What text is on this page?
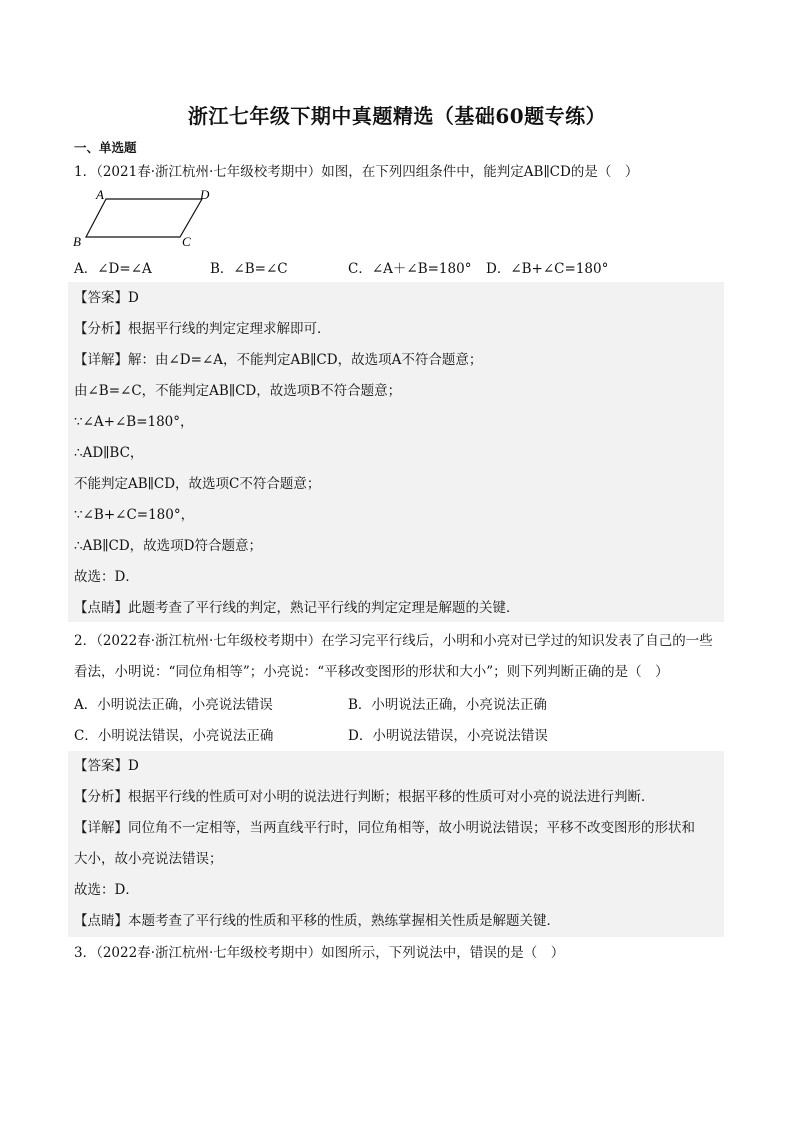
浙江七年级下期中真题精选（基础60题专练）
一、单选题
1．（2021春·浙江杭州·七年级校考期中）如图，在下列四组条件中，能判定AB∥CD的是（　）
A	D
B	C
A．∠D=∠A	B．∠B=∠C	C．∠A＋∠B=180° D．∠B+∠C=180°
【答案】D
【分析】根据平行线的判定定理求解即可．
【详解】解：由∠D=∠A，不能判定AB∥CD，故选项A不符合题意；
由∠B=∠C，不能判定AB∥CD，故选项B不符合题意；
∵∠A+∠B=180°，
∴AD∥BC，
不能判定AB∥CD，故选项C不符合题意；
∵∠B+∠C=180°，
∴AB∥CD，故选项D符合题意；
故选：D．
【点睛】此题考查了平行线的判定，熟记平行线的判定定理是解题的关键．
2．（2022春·浙江杭州·七年级校考期中）在学习完平行线后，小明和小亮对已学过的知识发表了自己的一些
看法，小明说：“同位角相等”；小亮说：“平移改变图形的形状和大小”；则下列判断正确的是（　）
A．小明说法正确，小亮说法错误	B．小明说法正确，小亮说法正确
C．小明说法错误，小亮说法正确	D．小明说法错误，小亮说法错误
【答案】D
【分析】根据平行线的性质可对小明的说法进行判断；根据平移的性质可对小亮的说法进行判断．
【详解】同位角不一定相等，当两直线平行时，同位角相等，故小明说法错误；平移不改变图形的形状和
大小，故小亮说法错误；
故选：D．
【点睛】本题考查了平行线的性质和平移的性质，熟练掌握相关性质是解题关键．
3．（2022春·浙江杭州·七年级校考期中）如图所示，下列说法中，错误的是（　）
